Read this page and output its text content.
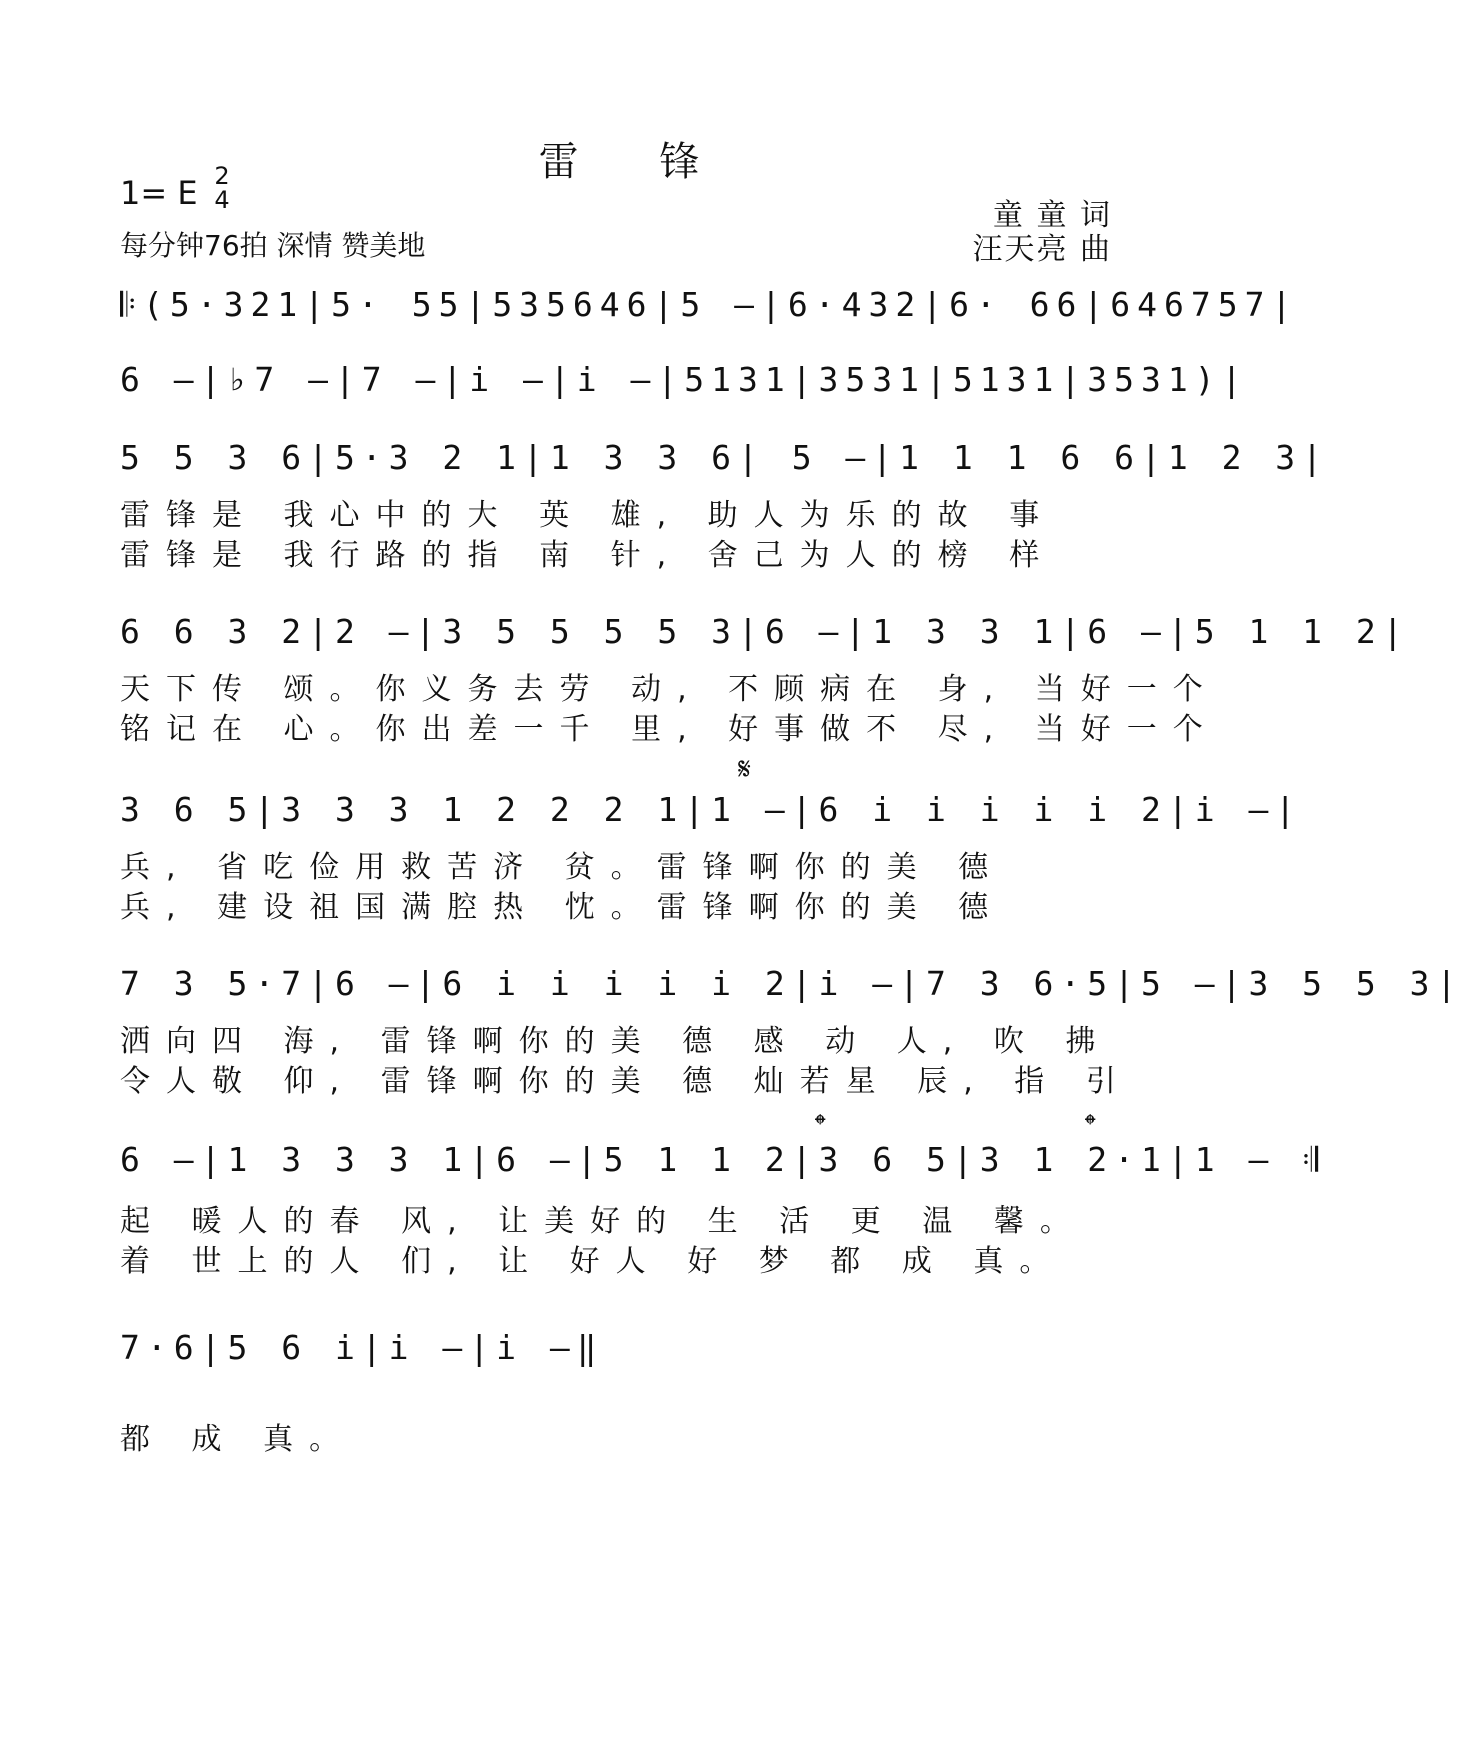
雷 锋
1= E 2
4
每分钟76拍 深情 赞美地
童 童 词
汪天亮 曲
𝄆(5·321|5· 55|535646|5 –|6·432|6· 66|646757|
6 –|♭7 –|7 –|i –|i –|5131|3531|5131|3531)|
5 5 3 6|5·3 2 1|1 3 3 6| 5 –|1 1 1 6 6|1 2 3|
雷锋是 我心中的大 英 雄, 助人为乐的故 事
雷锋是 我行路的指 南 针, 舍己为人的榜 样
6 6 3 2|2 –|3 5 5 5 5 3|6 –|1 3 3 1|6 –|5 1 1 2|
天下传 颂。你义务去劳 动, 不顾病在 身, 当好一个
铭记在 心。你出差一千 里, 好事做不 尽, 当好一个
𝄋
3 6 5|3 3 3 1 2 2 2 1|1 –|6 i i i i i 2|i –|
兵, 省吃俭用救苦济 贫。雷锋啊你的美 德
兵, 建设祖国满腔热 忱。雷锋啊你的美 德
7 3 5·7|6 –|6 i i i i i 2|i –|7 3 6·5|5 –|3 5 5 3|
洒向四 海, 雷锋啊你的美 德 感 动 人, 吹 拂
令人敬 仰, 雷锋啊你的美 德 灿若星 辰, 指 引
𝄌	𝄌
6 –|1 3 3 3 1|6 –|5 1 1 2|3 6 5|3 1 2·1|1 – 𝄇
起 暖人的春 风, 让美好的 生 活 更 温 馨。
着 世上的人 们, 让 好人 好 梦 都 成 真。
7·6|5 6 i|i –|i –‖
都 成 真。
